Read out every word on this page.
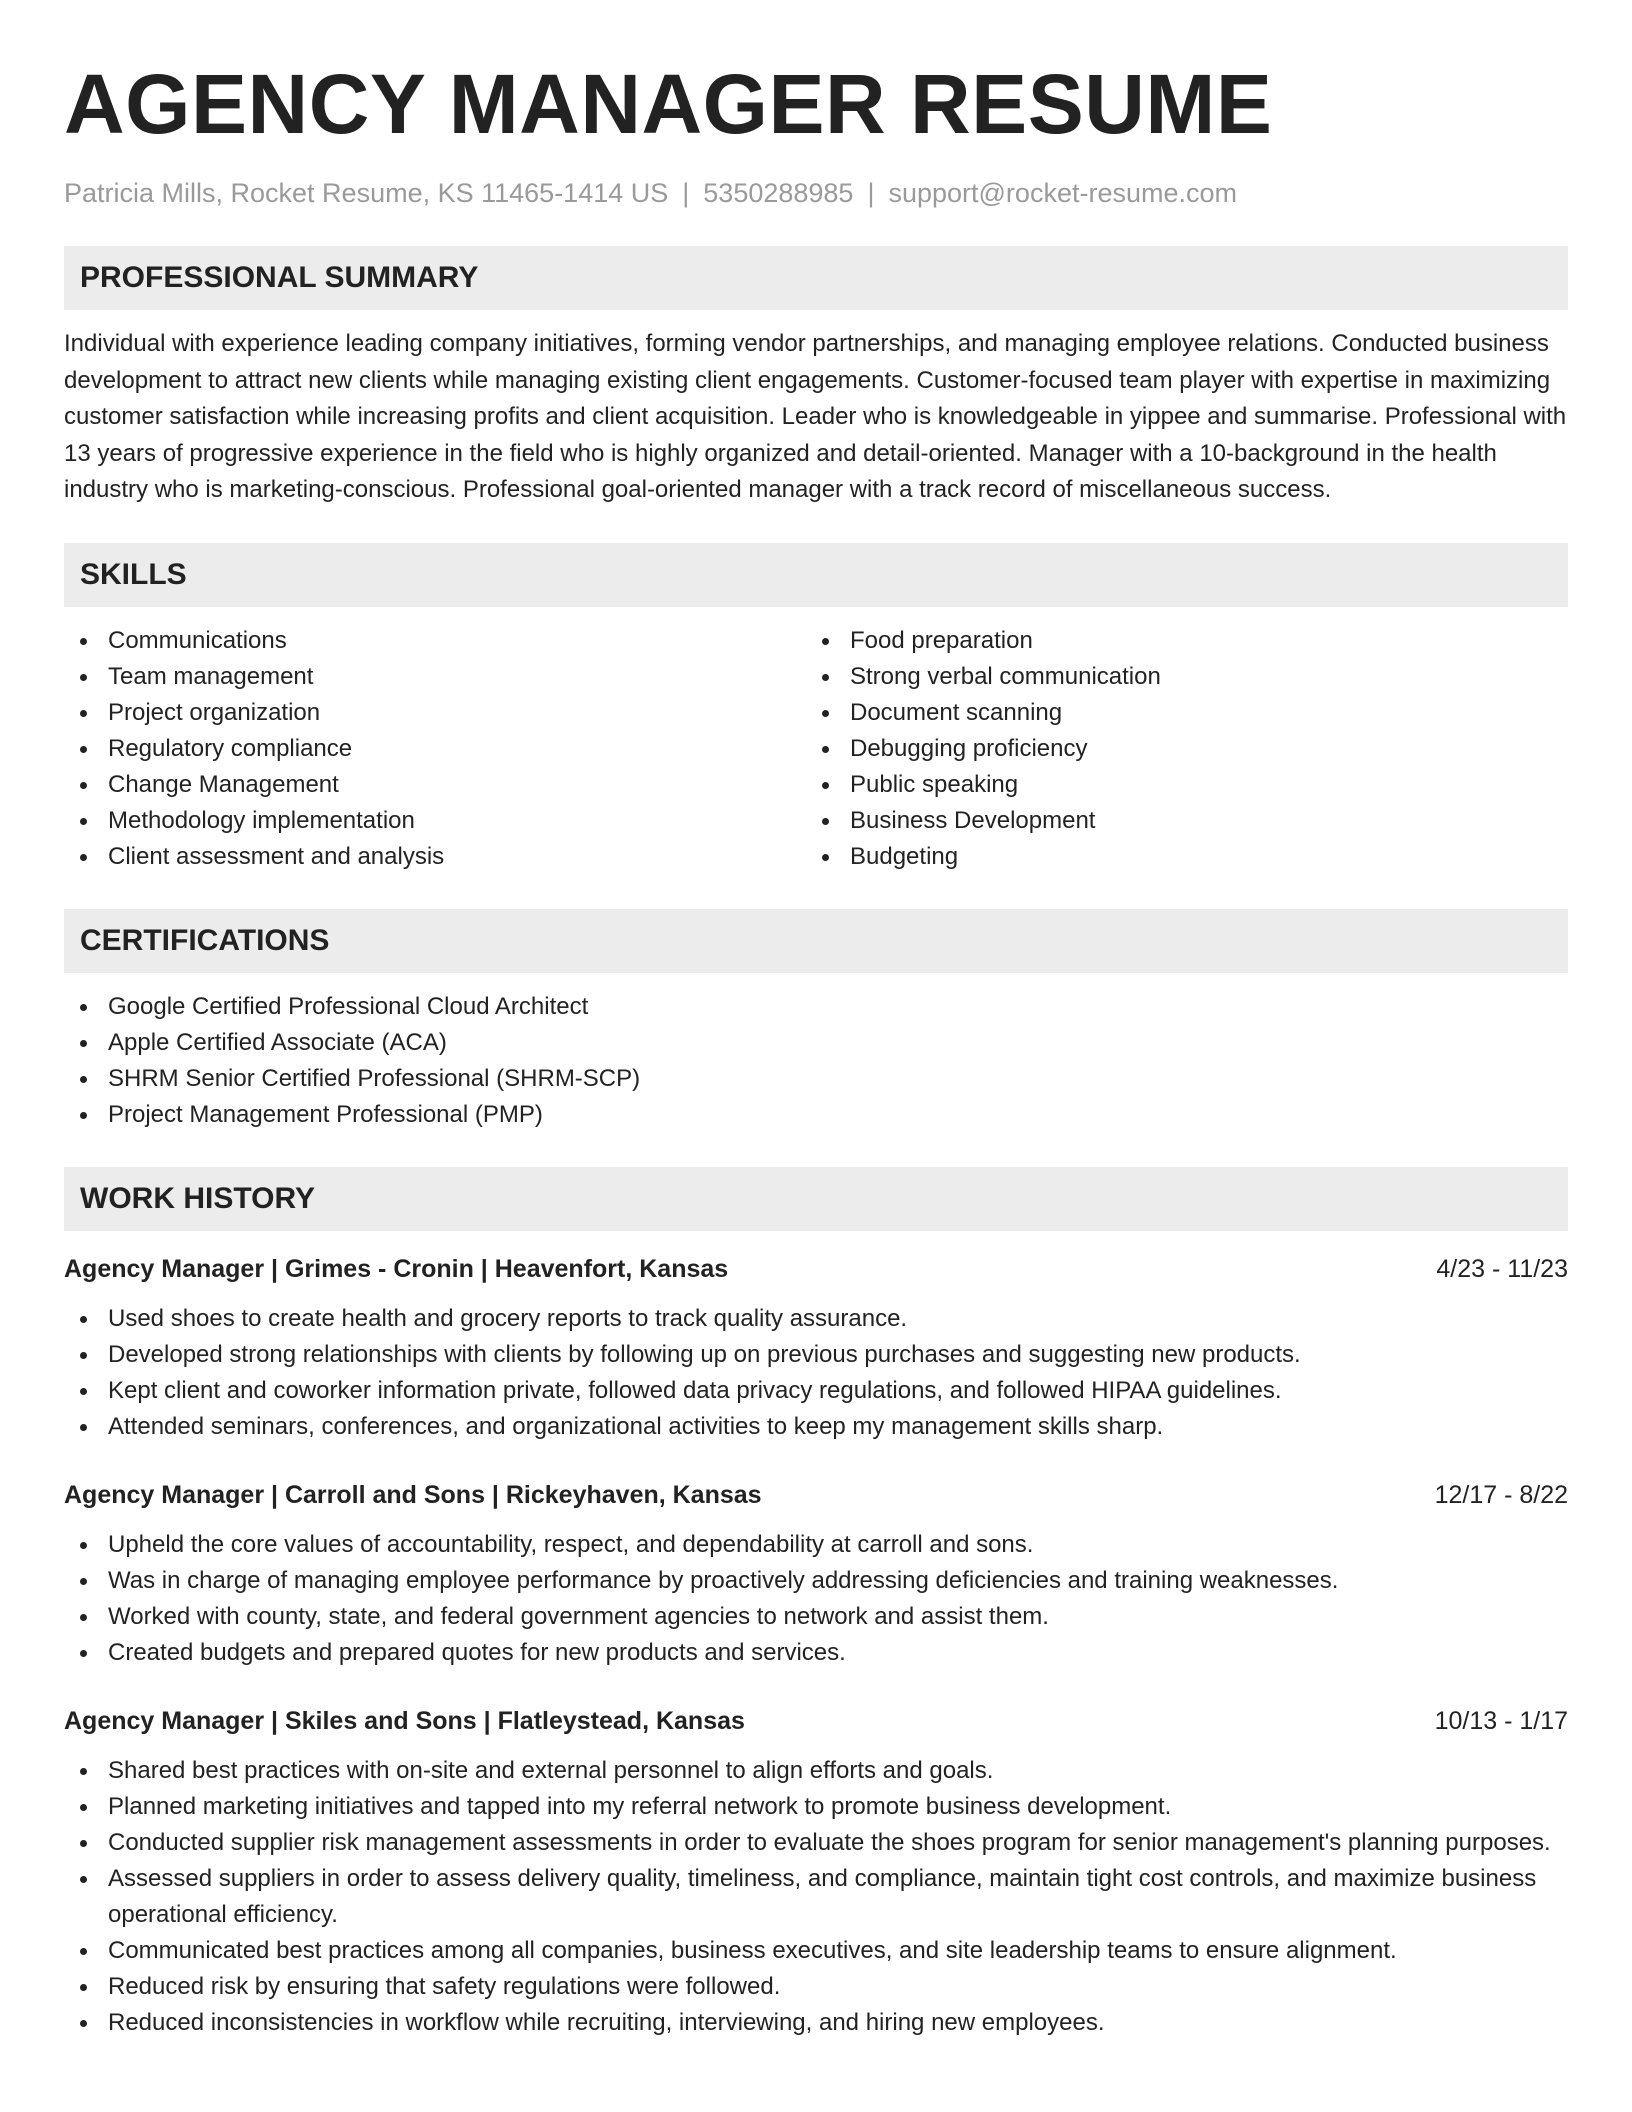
AGENCY MANAGER RESUME
Patricia Mills, Rocket Resume, KS 11465-1414 US | 5350288985 | support@rocket-resume.com
PROFESSIONAL SUMMARY

Individual with experience leading company initiatives, forming vendor partnerships, and managing employee relations. Conducted business development to attract new clients while managing existing client engagements. Customer-focused team player with expertise in maximizing customer satisfaction while increasing profits and client acquisition. Leader who is knowledgeable in yippee and summarise. Professional with 13 years of progressive experience in the field who is highly organized and detail-oriented. Manager with a 10-background in the health industry who is marketing-conscious. Professional goal-oriented manager with a track record of miscellaneous success.

SKILLS
Communications
Team management
Project organization
Regulatory compliance
Change Management
Methodology implementation
Client assessment and analysis
Food preparation
Strong verbal communication
Document scanning
Debugging proficiency
Public speaking
Business Development
Budgeting
CERTIFICATIONS
Google Certified Professional Cloud Architect
Apple Certified Associate (ACA)
SHRM Senior Certified Professional (SHRM-SCP)
Project Management Professional (PMP)
WORK HISTORY
Agency Manager | Grimes - Cronin | Heavenfort, Kansas	4/23 - 11/23
Used shoes to create health and grocery reports to track quality assurance.
Developed strong relationships with clients by following up on previous purchases and suggesting new products.
Kept client and coworker information private, followed data privacy regulations, and followed HIPAA guidelines.
Attended seminars, conferences, and organizational activities to keep my management skills sharp.
Agency Manager | Carroll and Sons | Rickeyhaven, Kansas	12/17 - 8/22
Upheld the core values of accountability, respect, and dependability at carroll and sons.
Was in charge of managing employee performance by proactively addressing deficiencies and training weaknesses.
Worked with county, state, and federal government agencies to network and assist them.
Created budgets and prepared quotes for new products and services.
Agency Manager | Skiles and Sons | Flatleystead, Kansas	10/13 - 1/17
Shared best practices with on-site and external personnel to align efforts and goals.
Planned marketing initiatives and tapped into my referral network to promote business development.
Conducted supplier risk management assessments in order to evaluate the shoes program for senior management's planning purposes.
Assessed suppliers in order to assess delivery quality, timeliness, and compliance, maintain tight cost controls, and maximize business operational efficiency.
Communicated best practices among all companies, business executives, and site leadership teams to ensure alignment.
Reduced risk by ensuring that safety regulations were followed.
Reduced inconsistencies in workflow while recruiting, interviewing, and hiring new employees.
